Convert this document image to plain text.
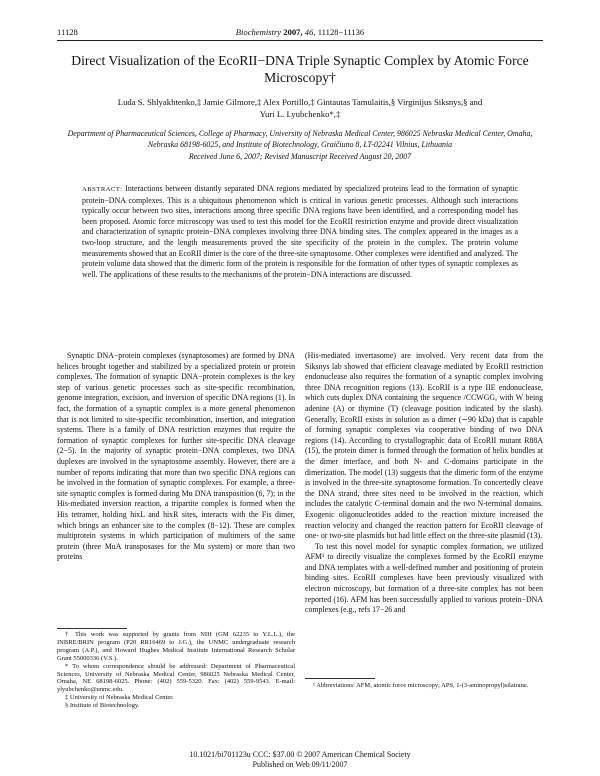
11128	Biochemistry 2007, 46, 11128−11136
Direct Visualization of the EcoRII−DNA Triple Synaptic Complex by Atomic Force Microscopy†
Luda S. Shlyakhtenko,‡ Jamie Gilmore,‡ Alex Portillo,‡ Gintautas Tamulaitis,§ Virginijus Siksnys,§ and
Yuri L. Lyubchenko*,‡
Department of Pharmaceutical Sciences, College of Pharmacy, University of Nebraska Medical Center, 986025 Nebraska Medical Center, Omaha, Nebraska 68198-6025, and Institute of Biotechnology, Graičiuno 8, LT-02241 Vilnius, Lithuania
Received June 6, 2007; Revised Manuscript Received August 20, 2007
ABSTRACT: Interactions between distantly separated DNA regions mediated by specialized proteins lead to the formation of synaptic protein−DNA complexes. This is a ubiquitous phenomenon which is critical in various genetic processes. Although such interactions typically occur between two sites, interactions among three specific DNA regions have been identified, and a corresponding model has been proposed. Atomic force microscopy was used to test this model for the EcoRII restriction enzyme and provide direct visualization and characterization of synaptic protein−DNA complexes involving three DNA binding sites. The complex appeared in the images as a two-loop structure, and the length measurements proved the site specificity of the protein in the complex. The protein volume measurements showed that an EcoRII dimer is the core of the three-site synaptosome. Other complexes were identified and analyzed. The protein volume data showed that the dimeric form of the protein is responsible for the formation of other types of synaptic complexes as well. The applications of these results to the mechanisms of the protein−DNA interactions are discussed.

Synaptic DNA−protein complexes (synaptosomes) are formed by DNA helices brought together and stabilized by a specialized protein or protein complexes. The formation of synaptic DNA−protein complexes is the key step of various genetic processes such as site-specific recombination, genome integration, excision, and inversion of specific DNA regions (1). In fact, the formation of a synaptic complex is a more general phenomenon that is not limited to site-specific recombination, insertion, and integration systems. There is a family of DNA restriction enzymes that require the formation of synaptic complexes for further site-specific DNA cleavage (2−5). In the majority of synaptic protein−DNA complexes, two DNA duplexes are involved in the synaptosome assembly. However, there are a number of reports indicating that more than two specific DNA regions can be involved in the formation of synaptic complexes. For example, a three-site synaptic complex is formed during Mu DNA transposition (6, 7); in the His-mediated inversion reaction, a tripartite complex is formed when the His tetramer, holding hixL and hixR sites, interacts with the Fis dimer, which brings an enhancer site to the complex (8−12). These are complex multiprotein systems in which participation of multimers of the same protein (three MuA transposases for the Mu system) or more than two proteins

(His-mediated invertasome) are involved. Very recent data from the Siksnys lab showed that efficient cleavage mediated by EcoRII restriction endonuclease also requires the formation of a synaptic complex involving three DNA recognition regions (13). EcoRII is a type IIE endonuclease, which cuts duplex DNA containing the sequence /CCWGG, with W being adenine (A) or thymine (T) (cleavage position indicated by the slash). Generally, EcoRII exists in solution as a dimer (∼90 kDa) that is capable of forming synaptic complexes via cooperative binding of two DNA regions (14). According to crystallographic data of EcoRII mutant R88A (15), the protein dimer is formed through the formation of helix bundles at the dimer interface, and both N- and C-domains participate in the dimerization. The model (13) suggests that the dimeric form of the enzyme is involved in the three-site synaptosome formation. To concertedly cleave the DNA strand, three sites need to be involved in the reaction, which includes the catalytic C-terminal domain and the two N-terminal domains. Exogenic oligonucleotides added to the reaction mixture increased the reaction velocity and changed the reaction pattern for EcoRII cleavage of one- or two-site plasmids but had little effect on the three-site plasmid (13).

To test this novel model for synaptic complex formation, we utilized AFM¹ to directly visualize the complexes formed by the EcoRII enzyme and DNA templates with a well-defined number and positioning of protein binding sites. EcoRII complexes have been previously visualized with electron microscopy, but formation of a three-site complex has not been reported (16). AFM has been successfully applied to various protein−DNA complexes (e.g., refs 17−26 and

† This work was supported by grants from NIH (GM 62235 to Y.L.L.), the INBRE/BRIN program (P20 RR16469 to J.G.), the UNMC undergraduate research program (A.P.), and Howard Hughes Medical Institute International Research Scholar Grant 55000336 (V.S.).

* To whom correspondence should be addressed: Department of Pharmaceutical Sciences, University of Nebraska Medical Center, 986025 Nebraska Medical Center, Omaha, NE 68198-6025. Phone: (402) 559-5320. Fax: (402) 559-9543. E-mail: ylyubchenko@unmc.edu.

‡ University of Nebraska Medical Center.

§ Institute of Biotechnology.

¹ Abbreviations: AFM, atomic force microscopy; APS, 1-(3-aminopropyl)silatrane.

10.1021/bi701123u CCC: $37.00 © 2007 American Chemical Society
Published on Web 09/11/2007
